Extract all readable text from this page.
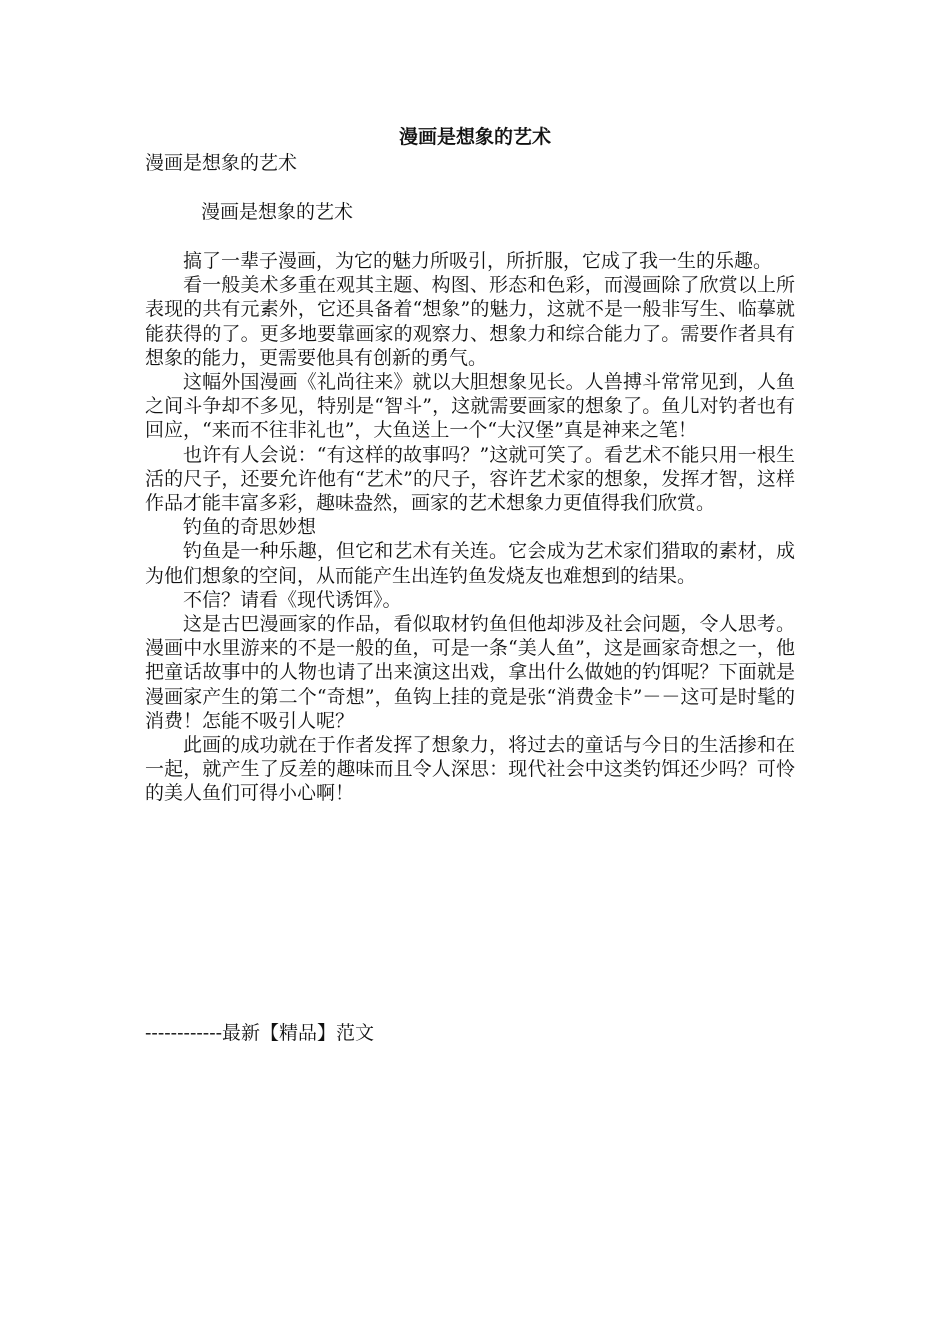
漫画是想象的艺术
漫画是想象的艺术
漫画是想象的艺术

搞了一辈子漫画，为它的魅力所吸引，所折服，它成了我一生的乐趣。

看一般美术多重在观其主题、构图、形态和色彩，而漫画除了欣赏以上所表现的共有元素外，它还具备着“想象”的魅力，这就不是一般非写生、临摹就能获得的了。更多地要靠画家的观察力、想象力和综合能力了。需要作者具有想象的能力，更需要他具有创新的勇气。

这幅外国漫画《礼尚往来》就以大胆想象见长。人兽搏斗常常见到，人鱼之间斗争却不多见，特别是“智斗”，这就需要画家的想象了。鱼儿对钓者也有回应，“来而不往非礼也”，大鱼送上一个“大汉堡”真是神来之笔！

也许有人会说：“有这样的故事吗？”这就可笑了。看艺术不能只用一根生活的尺子，还要允许他有“艺术”的尺子，容许艺术家的想象，发挥才智，这样作品才能丰富多彩，趣味盎然，画家的艺术想象力更值得我们欣赏。

钓鱼的奇思妙想

钓鱼是一种乐趣，但它和艺术有关连。它会成为艺术家们猎取的素材，成为他们想象的空间，从而能产生出连钓鱼发烧友也难想到的结果。

不信？请看《现代诱饵》。

这是古巴漫画家的作品，看似取材钓鱼但他却涉及社会问题，令人思考。漫画中水里游来的不是一般的鱼，可是一条“美人鱼”，这是画家奇想之一，他把童话故事中的人物也请了出来演这出戏，拿出什么做她的钓饵呢？下面就是漫画家产生的第二个“奇想”，鱼钩上挂的竟是张“消费金卡”－－这可是时髦的消费！怎能不吸引人呢？

此画的成功就在于作者发挥了想象力，将过去的童话与今日的生活掺和在一起，就产生了反差的趣味而且令人深思：现代社会中这类钓饵还少吗？可怜的美人鱼们可得小心啊！

------------最新【精品】范文
